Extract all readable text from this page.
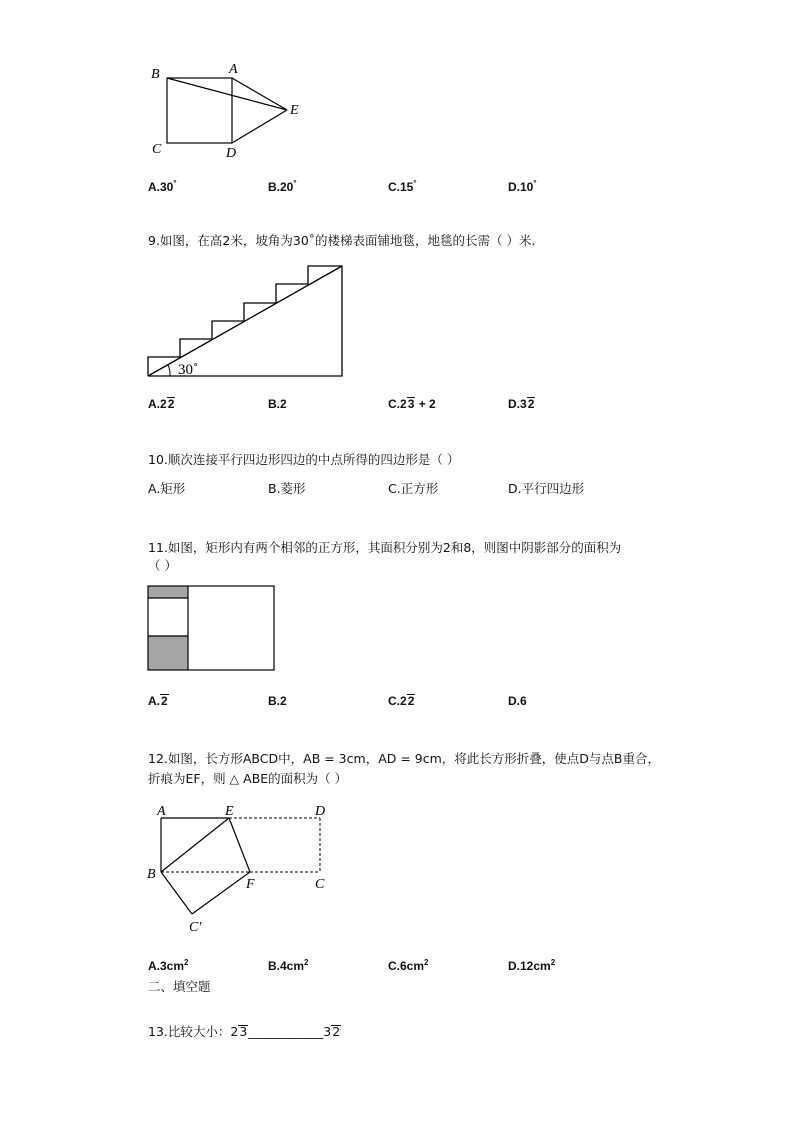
B	A
E
C	D
A.30°	B.20°	C.15°	D.10°
9.如图，在高2米，坡角为30˚的楼梯表面铺地毯，地毯的长需（ ）米．
30˚
A.22	B.2	C.23 + 2	D.32
10.顺次连接平行四边形四边的中点所得的四边形是（ ）
A.矩形	B.菱形	C.正方形	D.平行四边形
11.如图，矩形内有两个相邻的正方形，其面积分别为2和8，则图中阴影部分的面积为
（ ）
A.2	B.2	C.22	D.6
12.如图，长方形ABCD中，AB = 3cm，AD = 9cm，将此长方形折叠，使点D与点B重合，
折痕为EF，则 △ ABE的面积为（ ）
A	E	D
B
F	C
C′
$A.3cm^2$	$B.4cm^2$	$C.6cm^2$	$D.12cm^2$
二、填空题
13.比较大小：23____________32
